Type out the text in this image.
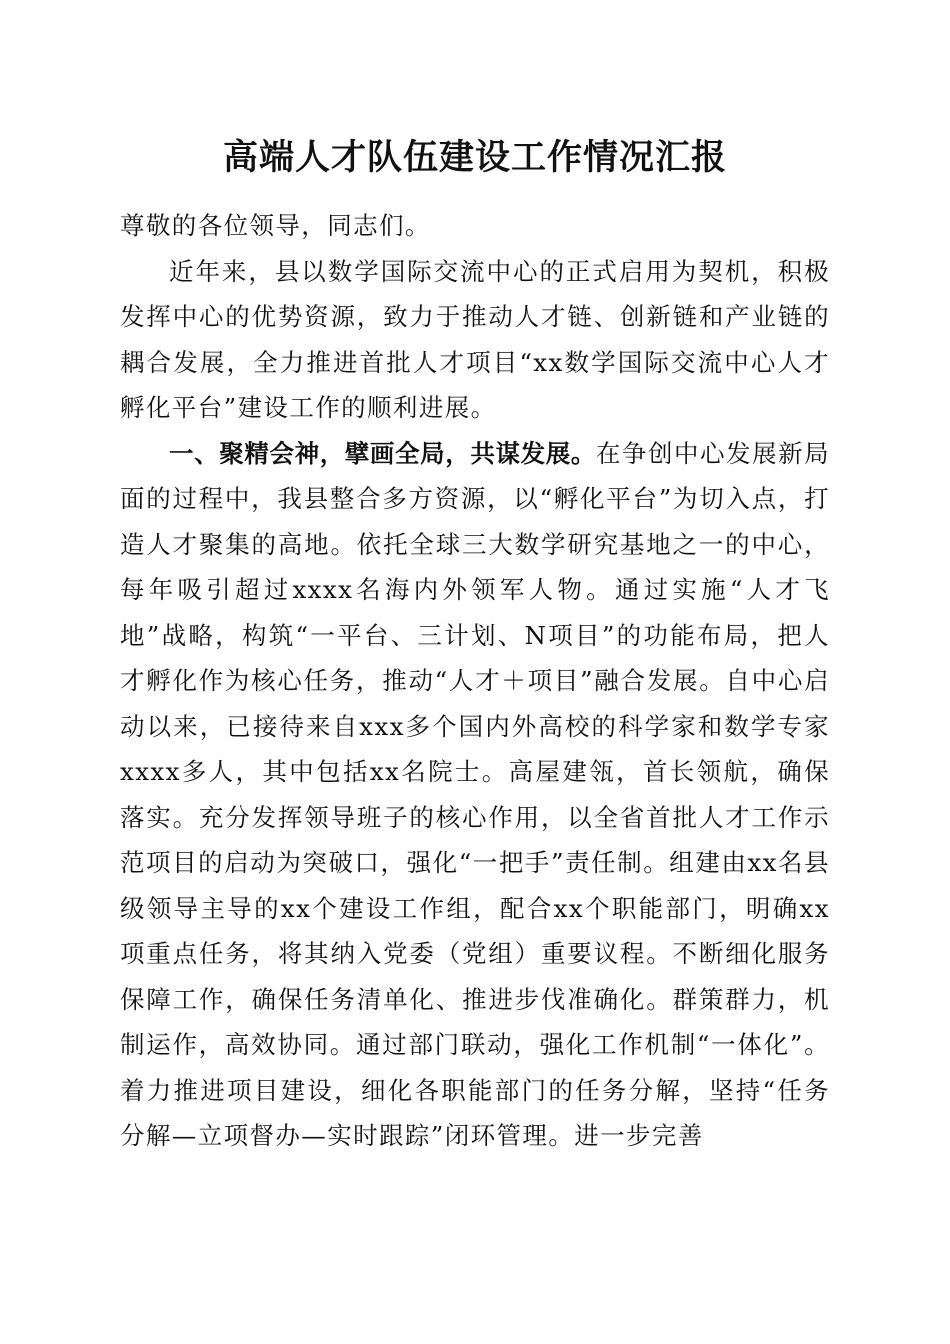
高端人才队伍建设工作情况汇报

尊敬的各位领导，同志们。

近年来，县以数学国际交流中心的正式启用为契机，积极发挥中心的优势资源，致力于推动人才链、创新链和产业链的耦合发展，全力推进首批人才项目“xx数学国际交流中心人才孵化平台”建设工作的顺利进展。

一、聚精会神，擘画全局，共谋发展。在争创中心发展新局面的过程中，我县整合多方资源，以“孵化平台”为切入点，打造人才聚集的高地。依托全球三大数学研究基地之一的中心，每年吸引超过xxxx名海内外领军人物。通过实施“人才飞地”战略，构筑“一平台、三计划、N项目”的功能布局，把人才孵化作为核心任务，推动“人才＋项目”融合发展。自中心启动以来，已接待来自xxx多个国内外高校的科学家和数学专家xxxx多人，其中包括xx名院士。高屋建瓴，首长领航，确保落实。充分发挥领导班子的核心作用，以全省首批人才工作示范项目的启动为突破口，强化“一把手”责任制。组建由xx名县级领导主导的xx个建设工作组，配合xx个职能部门，明确xx项重点任务，将其纳入党委（党组）重要议程。不断细化服务保障工作，确保任务清单化、推进步伐准确化。群策群力，机制运作，高效协同。通过部门联动，强化工作机制“一体化”。着力推进项目建设，细化各职能部门的任务分解，坚持“任务分解—立项督办—实时跟踪”闭环管理。进一步完善
